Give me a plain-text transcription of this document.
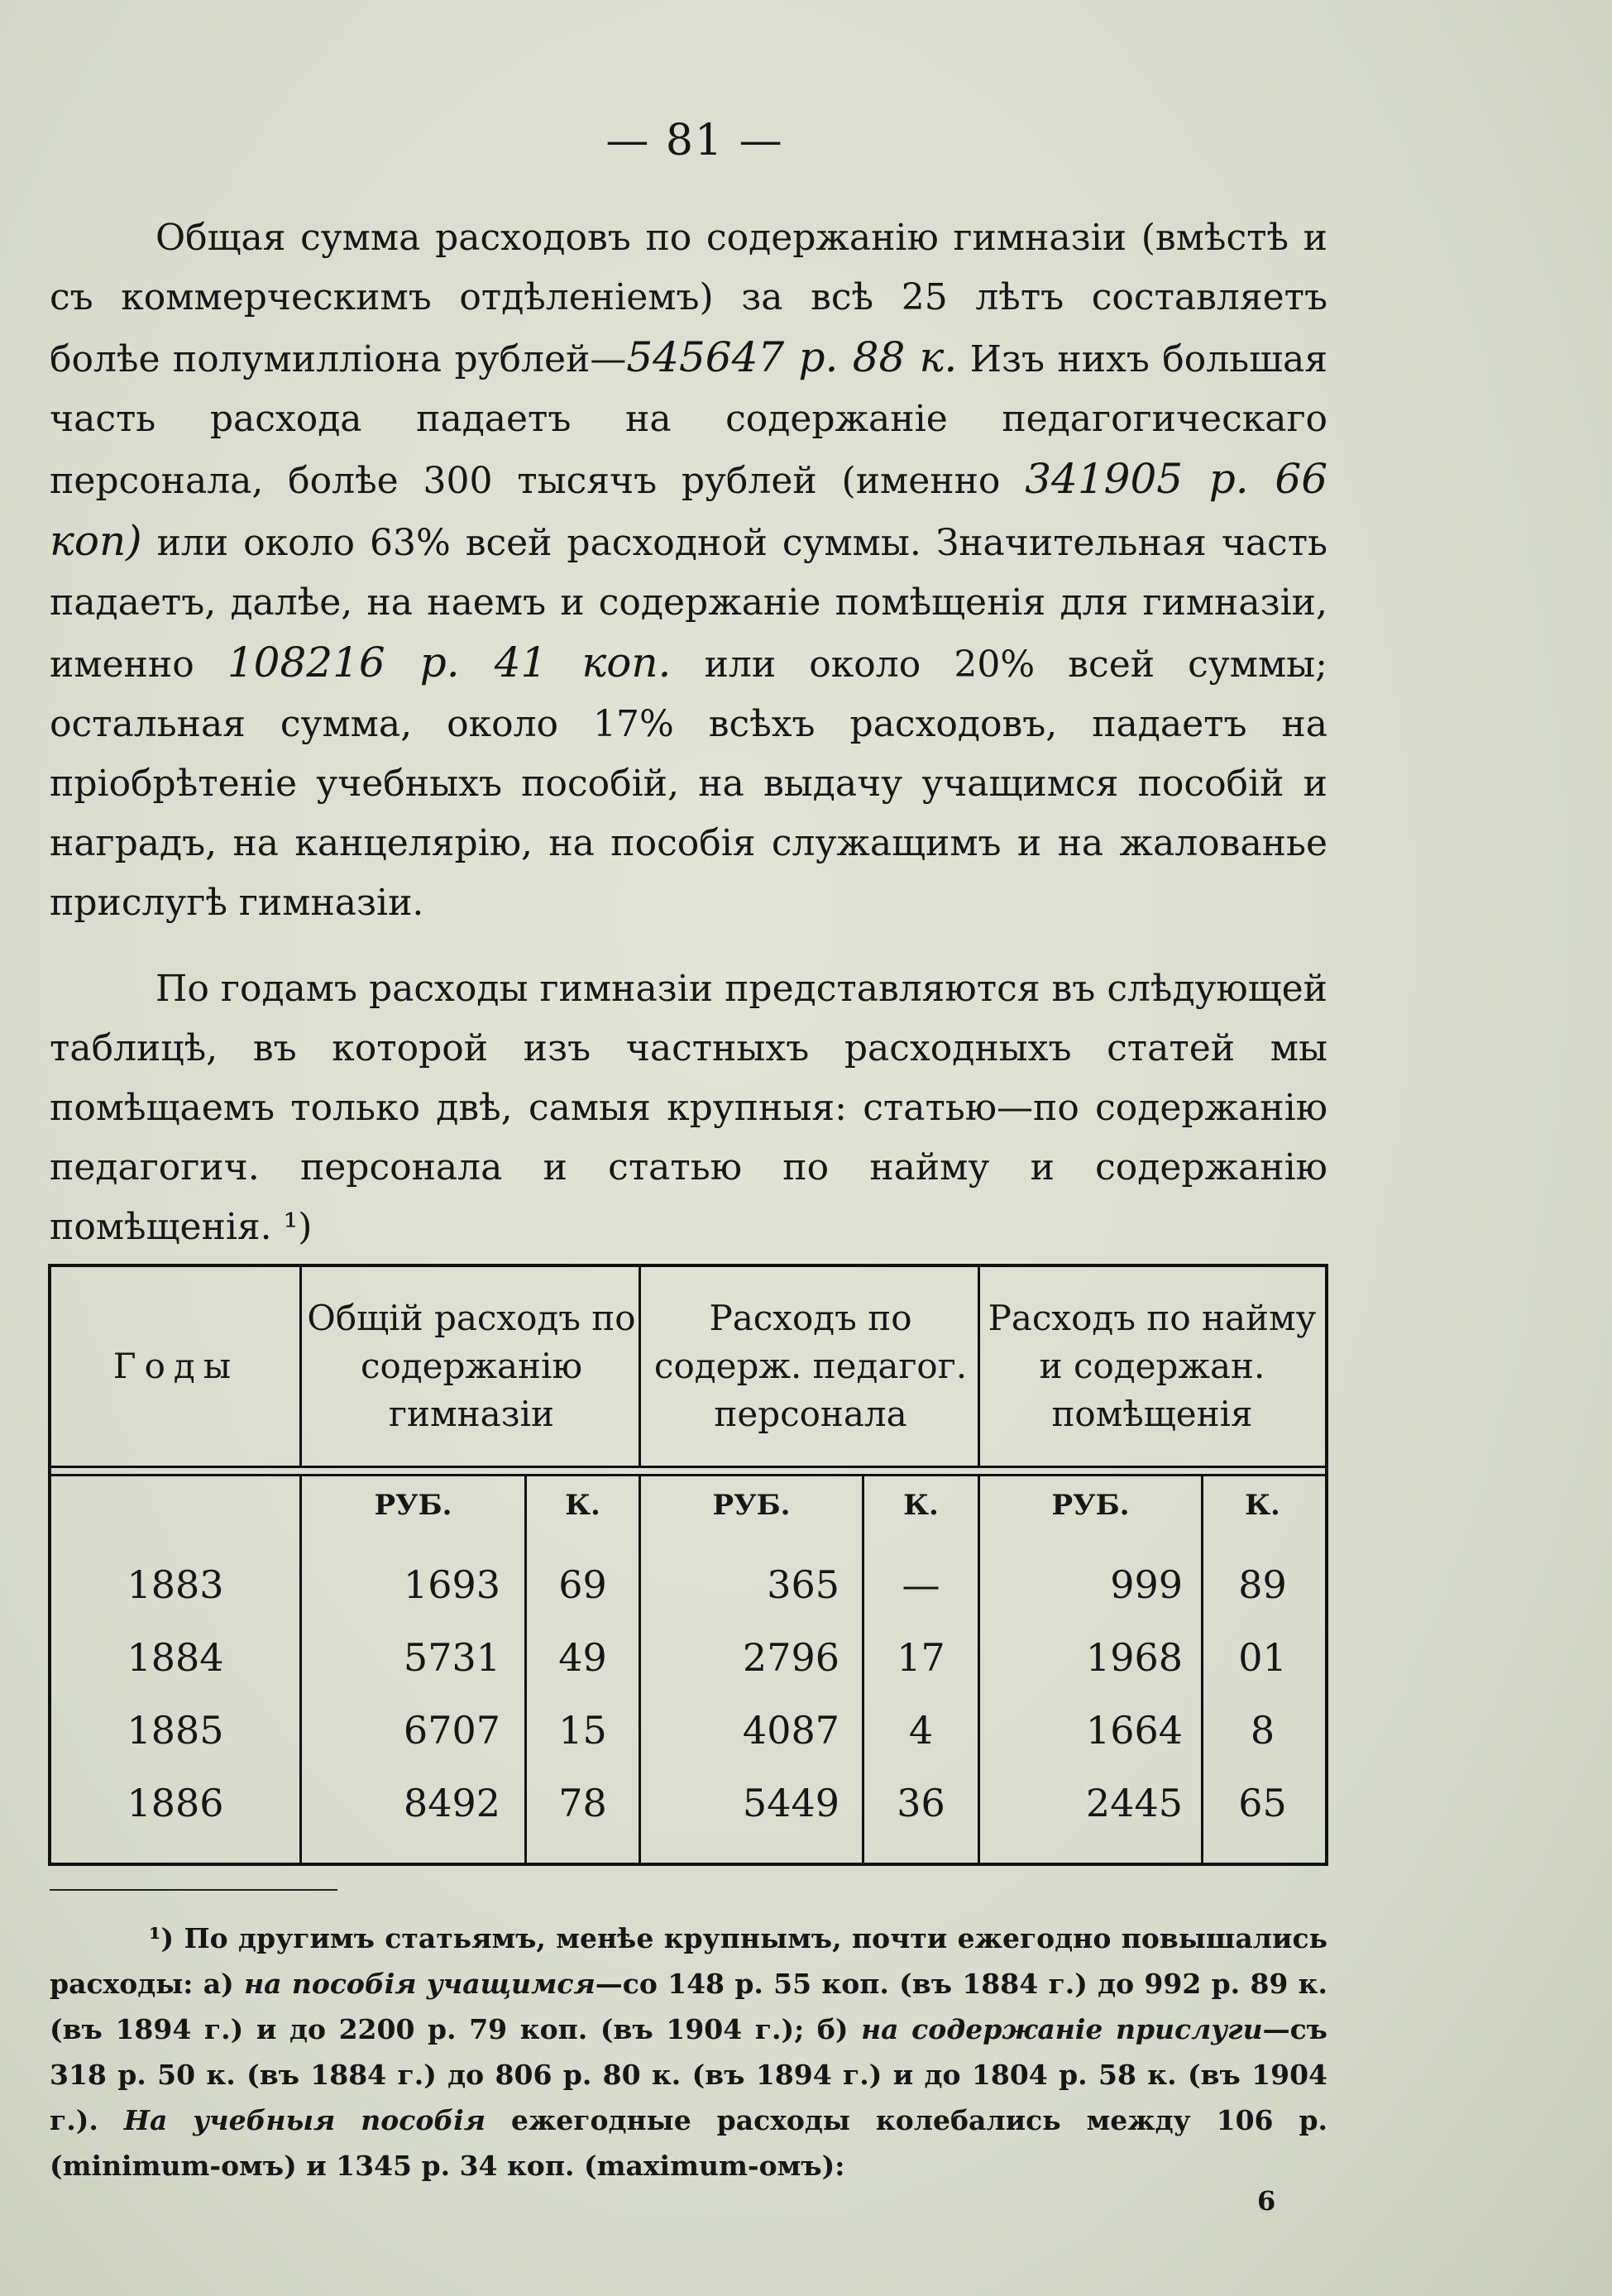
— 81 —
Общая сумма расходовъ по содержанію гимназіи (вмѣстѣ и съ коммерческимъ отдѣленіемъ) за всѣ 25 лѣтъ составляетъ болѣе полумилліона рублей—545647 р. 88 к. Изъ нихъ большая часть расхода падаетъ на содержаніе педагогическаго персонала, болѣе 300 тысячъ рублей (именно 341905 р. 66 коп) или около 63% всей расходной суммы. Значительная часть падаетъ, далѣе, на наемъ и содержаніе помѣщенія для гимназіи, именно 108216 р. 41 коп. или около 20% всей суммы; остальная сумма, около 17% всѣхъ расходовъ, падаетъ на пріобрѣтеніе учебныхъ пособій, на выдачу учащимся пособій и наградъ, на канцелярію, на пособія служащимъ и на жалованье прислугѣ гимназіи.
По годамъ расходы гимназіи представляются въ слѣдующей таблицѣ, въ которой изъ частныхъ расходныхъ статей мы помѣщаемъ только двѣ, самыя крупныя: статью—по содержанію педагогич. персонала и статью по найму и содержанію помѣщенія. ¹)
Годы
Общій расходъ по содержанію гимназіи
Расходъ по содерж. педагог. персонала
Расходъ по найму и содержан. помѣщенія
РУБ.	К.	РУБ.	К.	РУБ.	К.
1883	1693	69	365	—	999	89
1884	5731	49	2796	17	1968	01
1885	6707	15	4087	4	1664	8
1886	8492	78	5449	36	2445	65
¹) По другимъ статьямъ, менѣе крупнымъ, почти ежегодно повышались расходы: а) на пособія учащимся—со 148 р. 55 коп. (въ 1884 г.) до 992 р. 89 к. (въ 1894 г.) и до 2200 р. 79 коп. (въ 1904 г.); б) на содержаніе прислуги—съ 318 р. 50 к. (въ 1884 г.) до 806 р. 80 к. (въ 1894 г.) и до 1804 р. 58 к. (въ 1904 г.). На учебныя пособія ежегодные расходы колебались между 106 р. (minimum-омъ) и 1345 р. 34 коп. (maximum-омъ):
6
